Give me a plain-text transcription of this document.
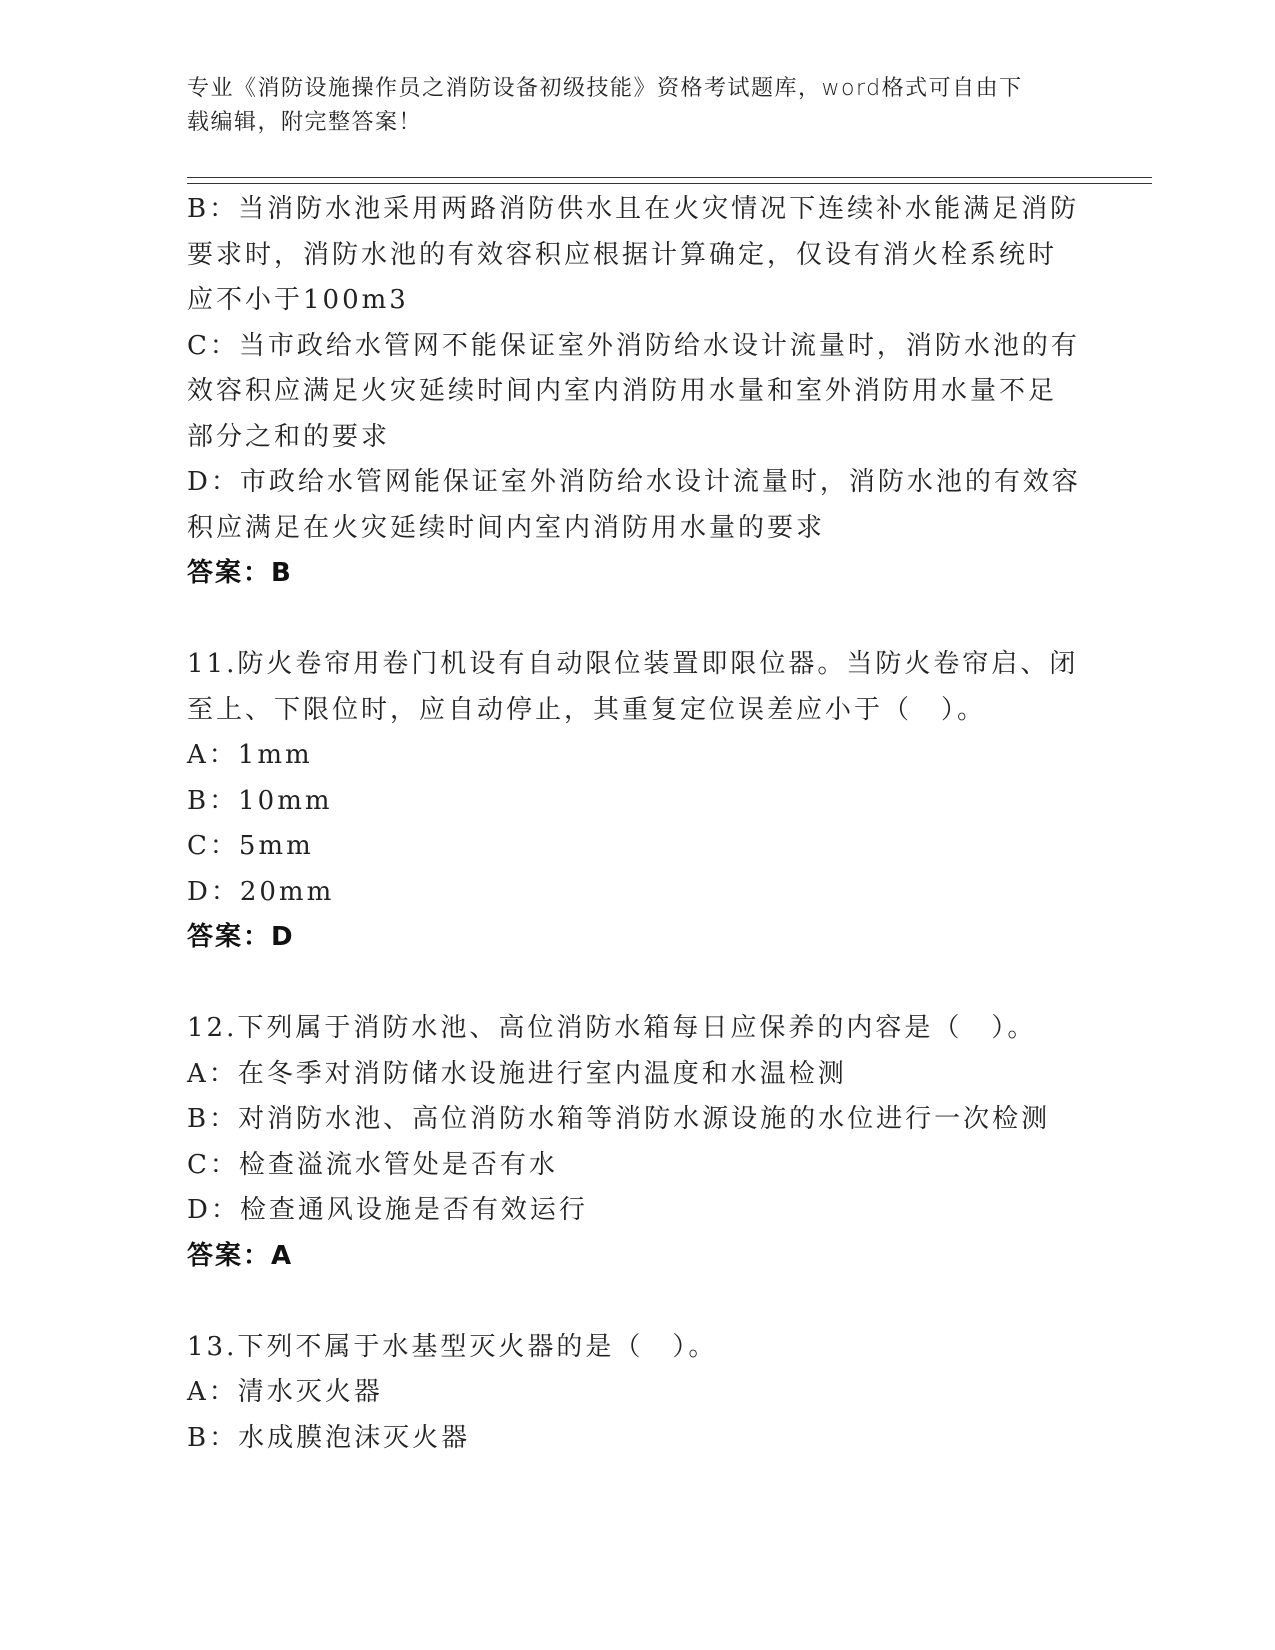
专业《消防设施操作员之消防设备初级技能》资格考试题库，word格式可自由下
载编辑，附完整答案！
B：当消防水池采用两路消防供水且在火灾情况下连续补水能满足消防
要求时，消防水池的有效容积应根据计算确定，仅设有消火栓系统时
应不小于100m3
C：当市政给水管网不能保证室外消防给水设计流量时，消防水池的有
效容积应满足火灾延续时间内室内消防用水量和室外消防用水量不足
部分之和的要求
D：市政给水管网能保证室外消防给水设计流量时，消防水池的有效容
积应满足在火灾延续时间内室内消防用水量的要求
答案：B
11.防火卷帘用卷门机设有自动限位装置即限位器。当防火卷帘启、闭
至上、下限位时，应自动停止，其重复定位误差应小于（　）。
A：1mm
B：10mm
C：5mm
D：20mm
答案：D
12.下列属于消防水池、高位消防水箱每日应保养的内容是（　）。
A：在冬季对消防储水设施进行室内温度和水温检测
B：对消防水池、高位消防水箱等消防水源设施的水位进行一次检测
C：检查溢流水管处是否有水
D：检查通风设施是否有效运行
答案：A
13.下列不属于水基型灭火器的是（　）。
A：清水灭火器
B：水成膜泡沫灭火器
